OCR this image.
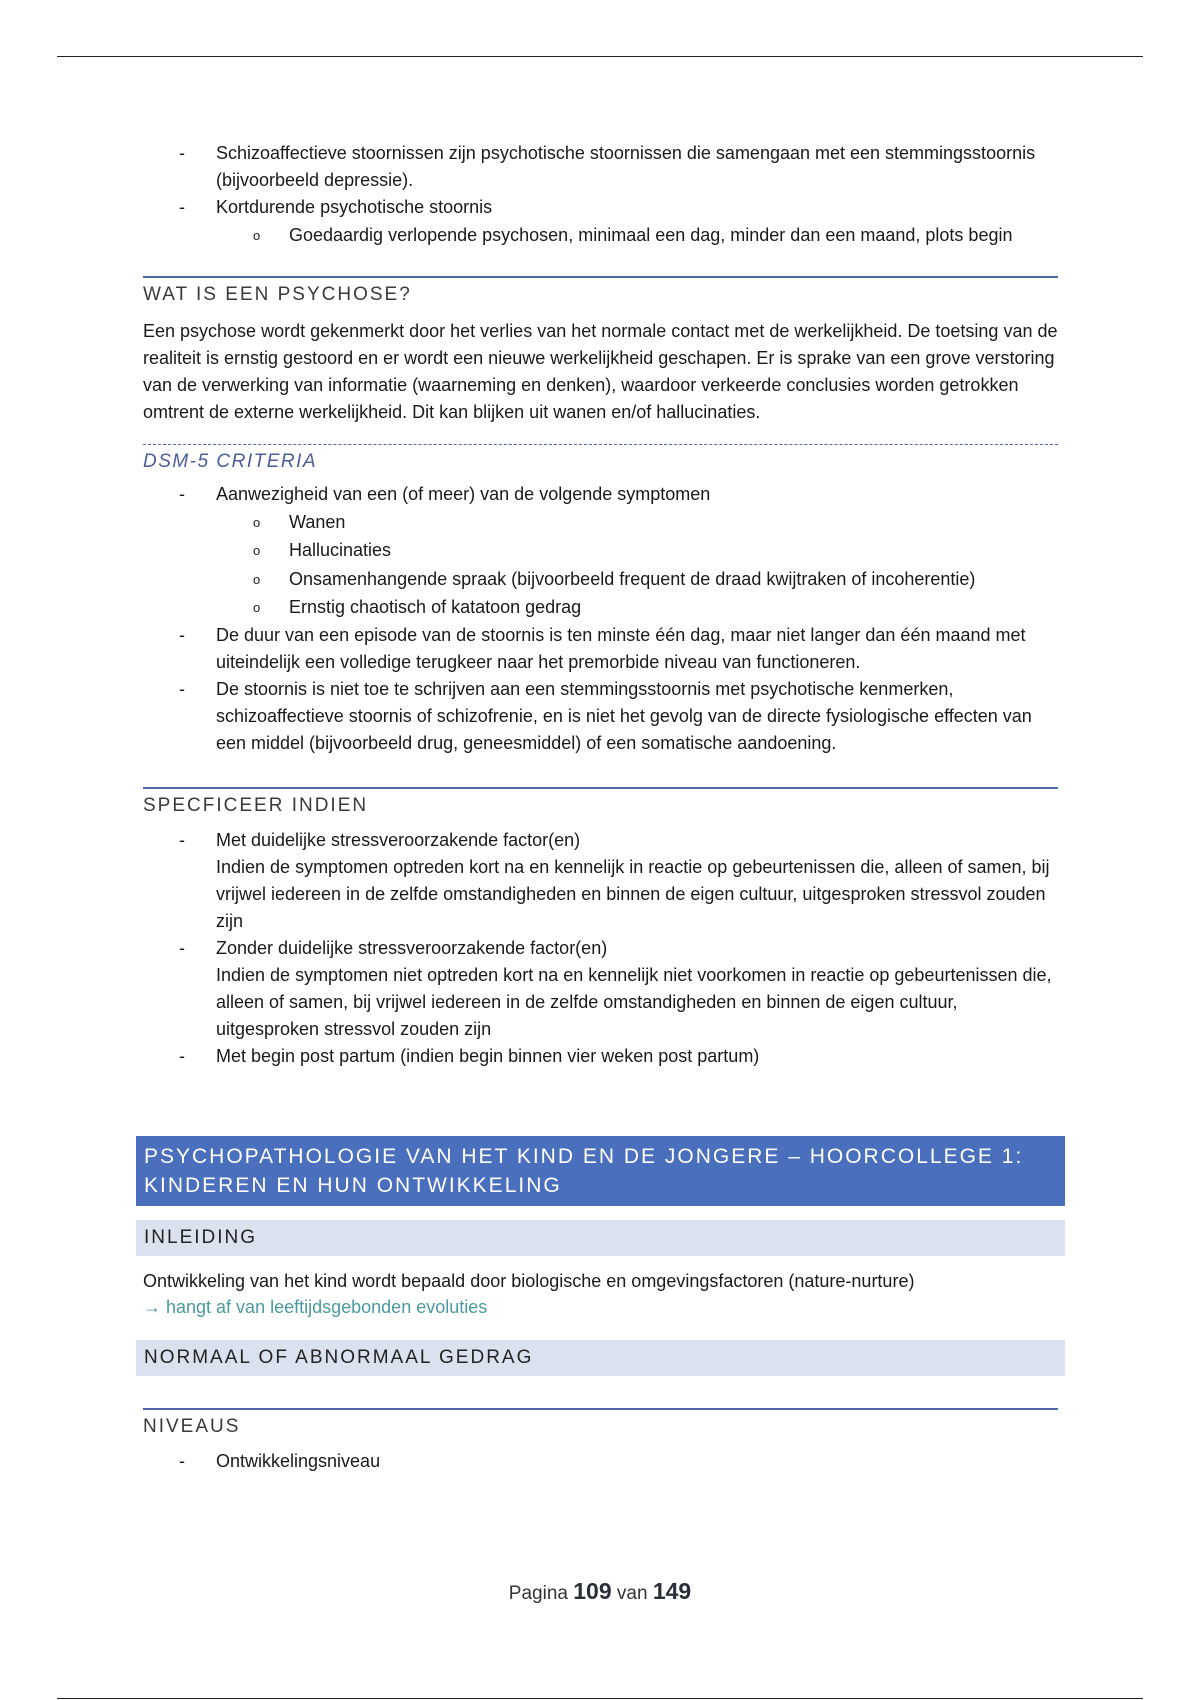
- Schizoaffectieve stoornissen zijn psychotische stoornissen die samengaan met een stemmingsstoornis (bijvoorbeeld depressie).
- Kortdurende psychotische stoornis
o Goedaardig verlopende psychosen, minimaal een dag, minder dan een maand, plots begin
WAT IS EEN PSYCHOSE?

Een psychose wordt gekenmerkt door het verlies van het normale contact met de werkelijkheid. De toetsing van de realiteit is ernstig gestoord en er wordt een nieuwe werkelijkheid geschapen. Er is sprake van een grove verstoring van de verwerking van informatie (waarneming en denken), waardoor verkeerde conclusies worden getrokken omtrent de externe werkelijkheid. Dit kan blijken uit wanen en/of hallucinaties.

DSM-5 CRITERIA
- Aanwezigheid van een (of meer) van de volgende symptomen
o Wanen
o Hallucinaties
o Onsamenhangende spraak (bijvoorbeeld frequent de draad kwijtraken of incoherentie)
o Ernstig chaotisch of katatoon gedrag
- De duur van een episode van de stoornis is ten minste één dag, maar niet langer dan één maand met uiteindelijk een volledige terugkeer naar het premorbide niveau van functioneren.
- De stoornis is niet toe te schrijven aan een stemmingsstoornis met psychotische kenmerken, schizoaffectieve stoornis of schizofrenie, en is niet het gevolg van de directe fysiologische effecten van een middel (bijvoorbeeld drug, geneesmiddel) of een somatische aandoening.
SPECFICEER INDIEN
- Met duidelijke stressveroorzakende factor(en)
Indien de symptomen optreden kort na en kennelijk in reactie op gebeurtenissen die, alleen of samen, bij vrijwel iedereen in de zelfde omstandigheden en binnen de eigen cultuur, uitgesproken stressvol zouden zijn
- Zonder duidelijke stressveroorzakende factor(en)
Indien de symptomen niet optreden kort na en kennelijk niet voorkomen in reactie op gebeurtenissen die, alleen of samen, bij vrijwel iedereen in de zelfde omstandigheden en binnen de eigen cultuur, uitgesproken stressvol zouden zijn
- Met begin post partum (indien begin binnen vier weken post partum)
PSYCHOPATHOLOGIE VAN HET KIND EN DE JONGERE – HOORCOLLEGE 1: KINDEREN EN HUN ONTWIKKELING
INLEIDING

Ontwikkeling van het kind wordt bepaald door biologische en omgevingsfactoren (nature-nurture)
→ hangt af van leeftijdsgebonden evoluties

NORMAAL OF ABNORMAAL GEDRAG
NIVEAUS
- Ontwikkelingsniveau
Pagina 109 van 149
